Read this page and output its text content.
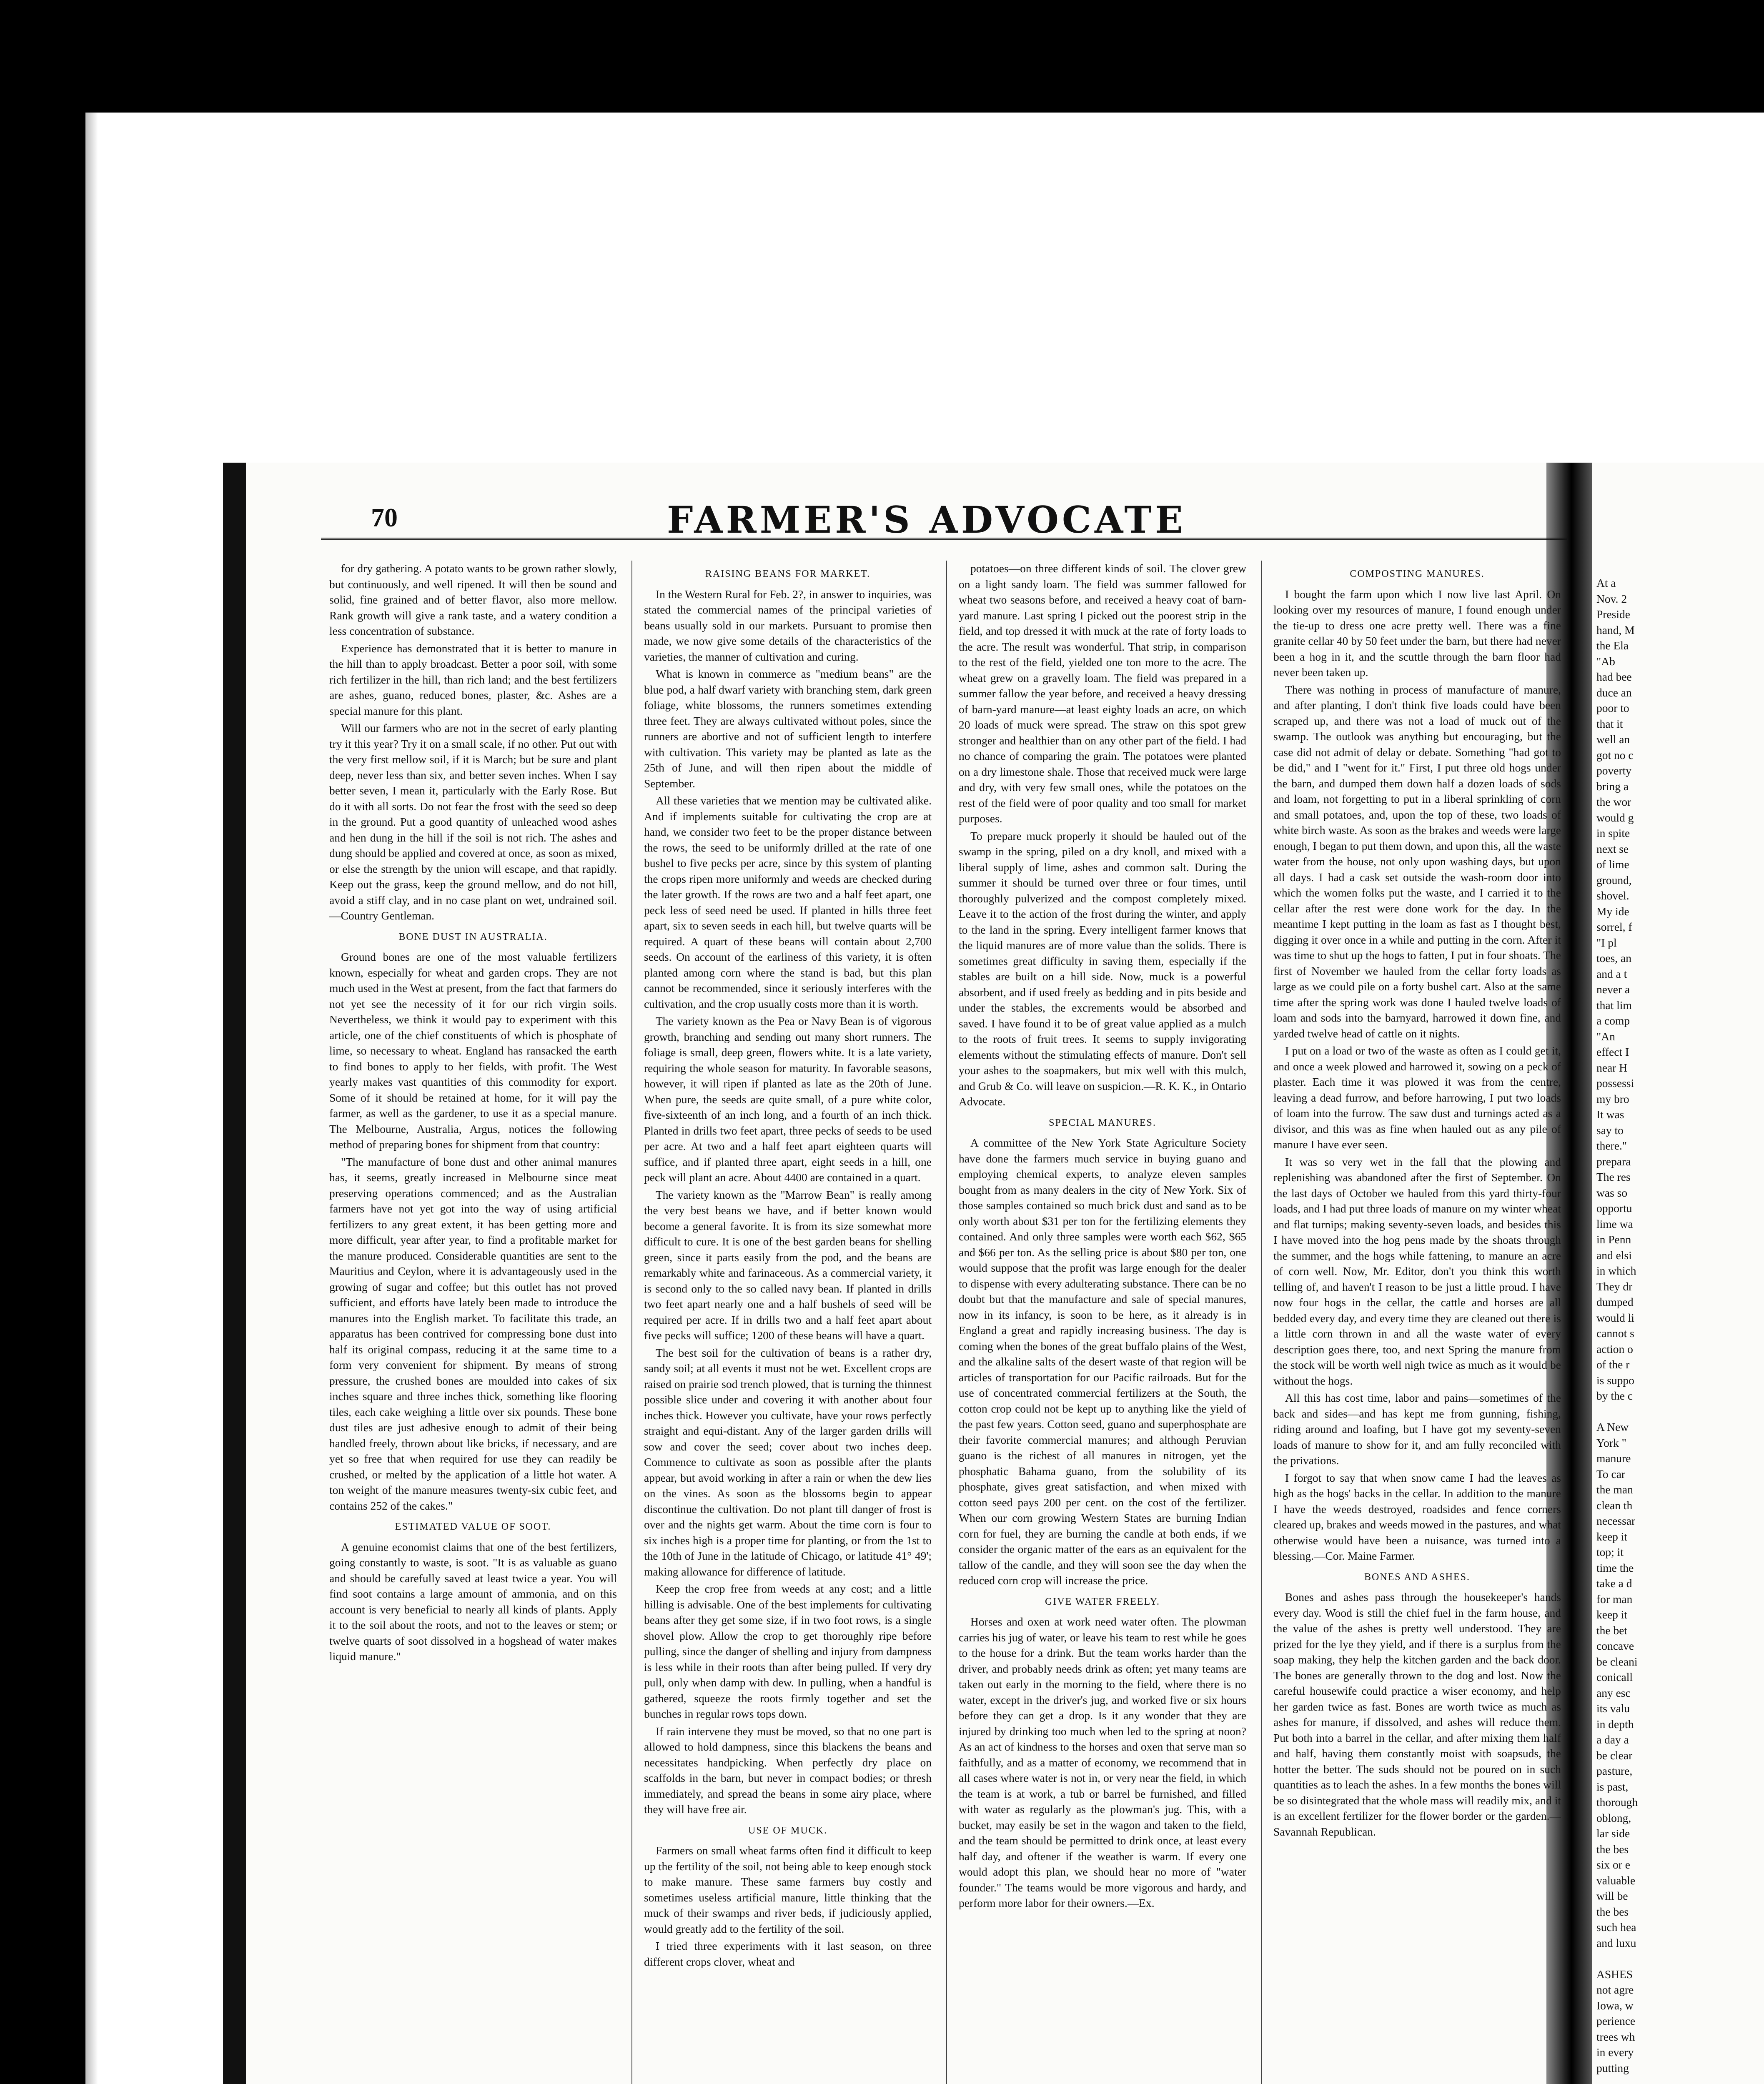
70	FARMER'S ADVOCATE

for dry gathering. A potato wants to be grown rather slowly, but continuously, and well ripened. It will then be sound and solid, fine grained and of better flavor, also more mellow. Rank growth will give a rank taste, and a watery condition a less concentration of substance.

Experience has demonstrated that it is better to manure in the hill than to apply broadcast. Better a poor soil, with some rich fertilizer in the hill, than rich land; and the best fertilizers are ashes, guano, reduced bones, plaster, &c. Ashes are a special manure for this plant.

Will our farmers who are not in the secret of early planting try it this year? Try it on a small scale, if no other. Put out with the very first mellow soil, if it is March; but be sure and plant deep, never less than six, and better seven inches. When I say better seven, I mean it, particularly with the Early Rose. But do it with all sorts. Do not fear the frost with the seed so deep in the ground. Put a good quantity of unleached wood ashes and hen dung in the hill if the soil is not rich. The ashes and dung should be applied and covered at once, as soon as mixed, or else the strength by the union will escape, and that rapidly. Keep out the grass, keep the ground mellow, and do not hill, avoid a stiff clay, and in no case plant on wet, undrained soil.—Country Gentleman.

BONE DUST IN AUSTRALIA.

Ground bones are one of the most valuable fertilizers known, especially for wheat and garden crops. They are not much used in the West at present, from the fact that farmers do not yet see the necessity of it for our rich virgin soils. Nevertheless, we think it would pay to experiment with this article, one of the chief constituents of which is phosphate of lime, so necessary to wheat. England has ransacked the earth to find bones to apply to her fields, with profit. The West yearly makes vast quantities of this commodity for export. Some of it should be retained at home, for it will pay the farmer, as well as the gardener, to use it as a special manure. The Melbourne, Australia, Argus, notices the following method of preparing bones for shipment from that country:

"The manufacture of bone dust and other animal manures has, it seems, greatly increased in Melbourne since meat preserving operations commenced; and as the Australian farmers have not yet got into the way of using artificial fertilizers to any great extent, it has been getting more and more difficult, year after year, to find a profitable market for the manure produced. Considerable quantities are sent to the Mauritius and Ceylon, where it is advantageously used in the growing of sugar and coffee; but this outlet has not proved sufficient, and efforts have lately been made to introduce the manures into the English market. To facilitate this trade, an apparatus has been contrived for compressing bone dust into half its original compass, reducing it at the same time to a form very convenient for shipment. By means of strong pressure, the crushed bones are moulded into cakes of six inches square and three inches thick, something like flooring tiles, each cake weighing a little over six pounds. These bone dust tiles are just adhesive enough to admit of their being handled freely, thrown about like bricks, if necessary, and are yet so free that when required for use they can readily be crushed, or melted by the application of a little hot water. A ton weight of the manure measures twenty-six cubic feet, and contains 252 of the cakes."

ESTIMATED VALUE OF SOOT.

A genuine economist claims that one of the best fertilizers, going constantly to waste, is soot. "It is as valuable as guano and should be carefully saved at least twice a year. You will find soot contains a large amount of ammonia, and on this account is very beneficial to nearly all kinds of plants. Apply it to the soil about the roots, and not to the leaves or stem; or twelve quarts of soot dissolved in a hogshead of water makes liquid manure."

RAISING BEANS FOR MARKET.

In the Western Rural for Feb. 2?, in answer to inquiries, was stated the commercial names of the principal varieties of beans usually sold in our markets. Pursuant to promise then made, we now give some details of the characteristics of the varieties, the manner of cultivation and curing.

What is known in commerce as "medium beans" are the blue pod, a half dwarf variety with branching stem, dark green foliage, white blossoms, the runners sometimes extending three feet. They are always cultivated without poles, since the runners are abortive and not of sufficient length to interfere with cultivation. This variety may be planted as late as the 25th of June, and will then ripen about the middle of September.

All these varieties that we mention may be cultivated alike. And if implements suitable for cultivating the crop are at hand, we consider two feet to be the proper distance between the rows, the seed to be uniformly drilled at the rate of one bushel to five pecks per acre, since by this system of planting the crops ripen more uniformly and weeds are checked during the later growth. If the rows are two and a half feet apart, one peck less of seed need be used. If planted in hills three feet apart, six to seven seeds in each hill, but twelve quarts will be required. A quart of these beans will contain about 2,700 seeds. On account of the earliness of this variety, it is often planted among corn where the stand is bad, but this plan cannot be recommended, since it seriously interferes with the cultivation, and the crop usually costs more than it is worth.

The variety known as the Pea or Navy Bean is of vigorous growth, branching and sending out many short runners. The foliage is small, deep green, flowers white. It is a late variety, requiring the whole season for maturity. In favorable seasons, however, it will ripen if planted as late as the 20th of June. When pure, the seeds are quite small, of a pure white color, five-sixteenth of an inch long, and a fourth of an inch thick. Planted in drills two feet apart, three pecks of seeds to be used per acre. At two and a half feet apart eighteen quarts will suffice, and if planted three apart, eight seeds in a hill, one peck will plant an acre. About 4400 are contained in a quart.

The variety known as the "Marrow Bean" is really among the very best beans we have, and if better known would become a general favorite. It is from its size somewhat more difficult to cure. It is one of the best garden beans for shelling green, since it parts easily from the pod, and the beans are remarkably white and farinaceous. As a commercial variety, it is second only to the so called navy bean. If planted in drills two feet apart nearly one and a half bushels of seed will be required per acre. If in drills two and a half feet apart about five pecks will suffice; 1200 of these beans will have a quart.

The best soil for the cultivation of beans is a rather dry, sandy soil; at all events it must not be wet. Excellent crops are raised on prairie sod trench plowed, that is turning the thinnest possible slice under and covering it with another about four inches thick. However you cultivate, have your rows perfectly straight and equi-distant. Any of the larger garden drills will sow and cover the seed; cover about two inches deep. Commence to cultivate as soon as possible after the plants appear, but avoid working in after a rain or when the dew lies on the vines. As soon as the blossoms begin to appear discontinue the cultivation. Do not plant till danger of frost is over and the nights get warm. About the time corn is four to six inches high is a proper time for planting, or from the 1st to the 10th of June in the latitude of Chicago, or latitude 41° 49'; making allowance for difference of latitude.

Keep the crop free from weeds at any cost; and a little hilling is advisable. One of the best implements for cultivating beans after they get some size, if in two foot rows, is a single shovel plow. Allow the crop to get thoroughly ripe before pulling, since the danger of shelling and injury from dampness is less while in their roots than after being pulled. If very dry pull, only when damp with dew. In pulling, when a handful is gathered, squeeze the roots firmly together and set the bunches in regular rows tops down.

If rain intervene they must be moved, so that no one part is allowed to hold dampness, since this blackens the beans and necessitates handpicking. When perfectly dry place on scaffolds in the barn, but never in compact bodies; or thresh immediately, and spread the beans in some airy place, where they will have free air.

USE OF MUCK.

Farmers on small wheat farms often find it difficult to keep up the fertility of the soil, not being able to keep enough stock to make manure. These same farmers buy costly and sometimes useless artificial manure, little thinking that the muck of their swamps and river beds, if judiciously applied, would greatly add to the fertility of the soil.

I tried three experiments with it last season, on three different crops clover, wheat and

potatoes—on three different kinds of soil. The clover grew on a light sandy loam. The field was summer fallowed for wheat two seasons before, and received a heavy coat of barn-yard manure. Last spring I picked out the poorest strip in the field, and top dressed it with muck at the rate of forty loads to the acre. The result was wonderful. That strip, in comparison to the rest of the field, yielded one ton more to the acre. The wheat grew on a gravelly loam. The field was prepared in a summer fallow the year before, and received a heavy dressing of barn-yard manure—at least eighty loads an acre, on which 20 loads of muck were spread. The straw on this spot grew stronger and healthier than on any other part of the field. I had no chance of comparing the grain. The potatoes were planted on a dry limestone shale. Those that received muck were large and dry, with very few small ones, while the potatoes on the rest of the field were of poor quality and too small for market purposes.

To prepare muck properly it should be hauled out of the swamp in the spring, piled on a dry knoll, and mixed with a liberal supply of lime, ashes and common salt. During the summer it should be turned over three or four times, until thoroughly pulverized and the compost completely mixed. Leave it to the action of the frost during the winter, and apply to the land in the spring. Every intelligent farmer knows that the liquid manures are of more value than the solids. There is sometimes great difficulty in saving them, especially if the stables are built on a hill side. Now, muck is a powerful absorbent, and if used freely as bedding and in pits beside and under the stables, the excrements would be absorbed and saved. I have found it to be of great value applied as a mulch to the roots of fruit trees. It seems to supply invigorating elements without the stimulating effects of manure. Don't sell your ashes to the soapmakers, but mix well with this mulch, and Grub & Co. will leave on suspicion.—R. K. K., in Ontario Advocate.

SPECIAL MANURES.

A committee of the New York State Agriculture Society have done the farmers much service in buying guano and employing chemical experts, to analyze eleven samples bought from as many dealers in the city of New York. Six of those samples contained so much brick dust and sand as to be only worth about $31 per ton for the fertilizing elements they contained. And only three samples were worth each $62, $65 and $66 per ton. As the selling price is about $80 per ton, one would suppose that the profit was large enough for the dealer to dispense with every adulterating substance. There can be no doubt but that the manufacture and sale of special manures, now in its infancy, is soon to be here, as it already is in England a great and rapidly increasing business. The day is coming when the bones of the great buffalo plains of the West, and the alkaline salts of the desert waste of that region will be articles of transportation for our Pacific railroads. But for the use of concentrated commercial fertilizers at the South, the cotton crop could not be kept up to anything like the yield of the past few years. Cotton seed, guano and superphosphate are their favorite commercial manures; and although Peruvian guano is the richest of all manures in nitrogen, yet the phosphatic Bahama guano, from the solubility of its phosphate, gives great satisfaction, and when mixed with cotton seed pays 200 per cent. on the cost of the fertilizer. When our corn growing Western States are burning Indian corn for fuel, they are burning the candle at both ends, if we consider the organic matter of the ears as an equivalent for the tallow of the candle, and they will soon see the day when the reduced corn crop will increase the price.

GIVE WATER FREELY.

Horses and oxen at work need water often. The plowman carries his jug of water, or leave his team to rest while he goes to the house for a drink. But the team works harder than the driver, and probably needs drink as often; yet many teams are taken out early in the morning to the field, where there is no water, except in the driver's jug, and worked five or six hours before they can get a drop. Is it any wonder that they are injured by drinking too much when led to the spring at noon? As an act of kindness to the horses and oxen that serve man so faithfully, and as a matter of economy, we recommend that in all cases where water is not in, or very near the field, in which the team is at work, a tub or barrel be furnished, and filled with water as regularly as the plowman's jug. This, with a bucket, may easily be set in the wagon and taken to the field, and the team should be permitted to drink once, at least every half day, and oftener if the weather is warm. If every one would adopt this plan, we should hear no more of "water founder." The teams would be more vigorous and hardy, and perform more labor for their owners.—Ex.

COMPOSTING MANURES.

I bought the farm upon which I now live last April. On looking over my resources of manure, I found enough under the tie-up to dress one acre pretty well. There was a fine granite cellar 40 by 50 feet under the barn, but there had never been a hog in it, and the scuttle through the barn floor had never been taken up.

There was nothing in process of manufacture of manure, and after planting, I don't think five loads could have been scraped up, and there was not a load of muck out of the swamp. The outlook was anything but encouraging, but the case did not admit of delay or debate. Something "had got to be did," and I "went for it." First, I put three old hogs under the barn, and dumped them down half a dozen loads of sods and loam, not forgetting to put in a liberal sprinkling of corn and small potatoes, and, upon the top of these, two loads of white birch waste. As soon as the brakes and weeds were large enough, I began to put them down, and upon this, all the waste water from the house, not only upon washing days, but upon all days. I had a cask set outside the wash-room door into which the women folks put the waste, and I carried it to the cellar after the rest were done work for the day. In the meantime I kept putting in the loam as fast as I thought best, digging it over once in a while and putting in the corn. After it was time to shut up the hogs to fatten, I put in four shoats. The first of November we hauled from the cellar forty loads as large as we could pile on a forty bushel cart. Also at the same time after the spring work was done I hauled twelve loads of loam and sods into the barnyard, harrowed it down fine, and yarded twelve head of cattle on it nights.

I put on a load or two of the waste as often as I could get it, and once a week plowed and harrowed it, sowing on a peck of plaster. Each time it was plowed it was from the centre, leaving a dead furrow, and before harrowing, I put two loads of loam into the furrow. The saw dust and turnings acted as a divisor, and this was as fine when hauled out as any pile of manure I have ever seen.

It was so very wet in the fall that the plowing and replenishing was abandoned after the first of September. On the last days of October we hauled from this yard thirty-four loads, and I had put three loads of manure on my winter wheat and flat turnips; making seventy-seven loads, and besides this I have moved into the hog pens made by the shoats through the summer, and the hogs while fattening, to manure an acre of corn well. Now, Mr. Editor, don't you think this worth telling of, and haven't I reason to be just a little proud. I have now four hogs in the cellar, the cattle and horses are all bedded every day, and every time they are cleaned out there is a little corn thrown in and all the waste water of every description goes there, too, and next Spring the manure from the stock will be worth well nigh twice as much as it would be without the hogs.

All this has cost time, labor and pains—sometimes of the back and sides—and has kept me from gunning, fishing, riding around and loafing, but I have got my seventy-seven loads of manure to show for it, and am fully reconciled with the privations.

I forgot to say that when snow came I had the leaves as high as the hogs' backs in the cellar. In addition to the manure I have the weeds destroyed, roadsides and fence corners cleared up, brakes and weeds mowed in the pastures, and what otherwise would have been a nuisance, was turned into a blessing.—Cor. Maine Farmer.

BONES AND ASHES.

Bones and ashes pass through the housekeeper's hands every day. Wood is still the chief fuel in the farm house, and the value of the ashes is pretty well understood. They are prized for the lye they yield, and if there is a surplus from the soap making, they help the kitchen garden and the back door. The bones are generally thrown to the dog and lost. Now the careful housewife could practice a wiser economy, and help her garden twice as fast. Bones are worth twice as much as ashes for manure, if dissolved, and ashes will reduce them. Put both into a barrel in the cellar, and after mixing them half and half, having them constantly moist with soapsuds, the hotter the better. The suds should not be poured on in such quantities as to leach the ashes. In a few months the bones will be so disintegrated that the whole mass will readily mix, and it is an excellent fertilizer for the flower border or the garden.—Savannah Republican.

At a

Nov. 2

Preside

hand, M

the Ela

"Ab

had bee

duce an

poor to

that it

well an

got no c

poverty

bring a

the wor

would g

in spite

next se

of lime

ground,

shovel.

My ide

sorrel, f

"I pl

toes, an

and a t

never a

that lim

a comp

"An

effect I

near H

possessi

my bro

It was

say to

there."

prepara

The res

was so

opportu

lime wa

in Penn

and elsi

in which

They dr

dumped

would li

cannot s

action o

of the r

is suppo

by the c

A New

York "

manure

To car

the man

clean th

necessar

keep it

top; it

time the

take a d

for man

keep it

the bet

concave

be cleani

conicall

any esc

its valu

in depth

a day a

be clear

pasture,

is past,

thorough

oblong,

lar side

the bes

six or e

valuable

will be

the bes

such hea

and luxu

ASHES

not agre

Iowa, w

perience

trees wh

in every

putting
